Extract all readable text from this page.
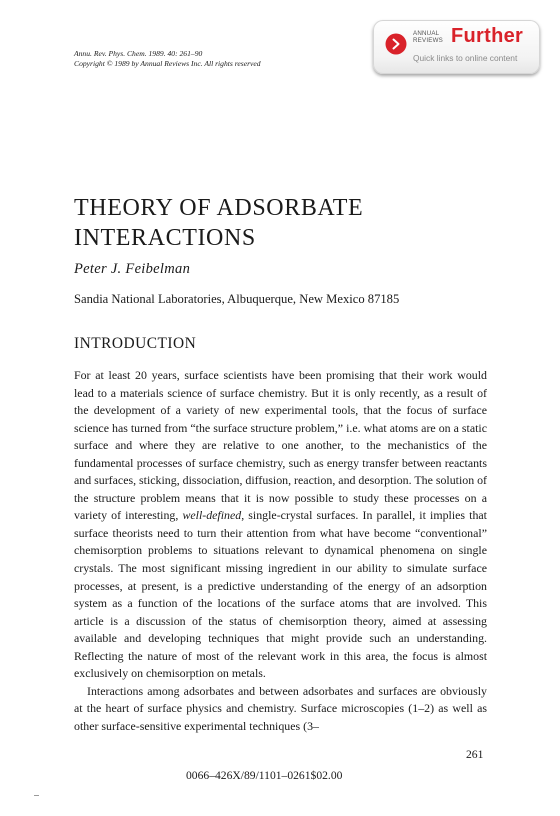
Annu. Rev. Phys. Chem. 1989. 40: 261–90
Copyright © 1989 by Annual Reviews Inc. All rights reserved
ANNUAL
REVIEWS Further
Quick links to online content
THEORY OF ADSORBATE
INTERACTIONS
Peter J. Feibelman
Sandia National Laboratories, Albuquerque, New Mexico 87185
INTRODUCTION

For at least 20 years, surface scientists have been promising that their work would lead to a materials science of surface chemistry. But it is only recently, as a result of the development of a variety of new experimental tools, that the focus of surface science has turned from “the surface structure problem,” i.e. what atoms are on a static surface and where they are relative to one another, to the mechanistics of the fundamental processes of surface chemistry, such as energy transfer between reactants and surfaces, sticking, dissociation, diffusion, reaction, and desorption. The solution of the structure problem means that it is now possible to study these processes on a variety of interesting, well-defined, single-crystal surfaces. In parallel, it implies that surface theorists need to turn their attention from what have become “conventional” chemisorption problems to situations relevant to dynamical phenomena on single crystals. The most significant missing ingredient in our ability to simulate surface processes, at present, is a predictive understanding of the energy of an adsorption system as a function of the locations of the surface atoms that are involved. This article is a discussion of the status of chemisorption theory, aimed at assessing available and developing techniques that might provide such an understanding. Reflecting the nature of most of the relevant work in this area, the focus is almost exclusively on chemisorption on metals.

Interactions among adsorbates and between adsorbates and surfaces are obviously at the heart of surface physics and chemistry. Surface microscopies (1–2) as well as other surface-sensitive experimental techniques (3–

261
0066–426X/89/1101–0261$02.00
